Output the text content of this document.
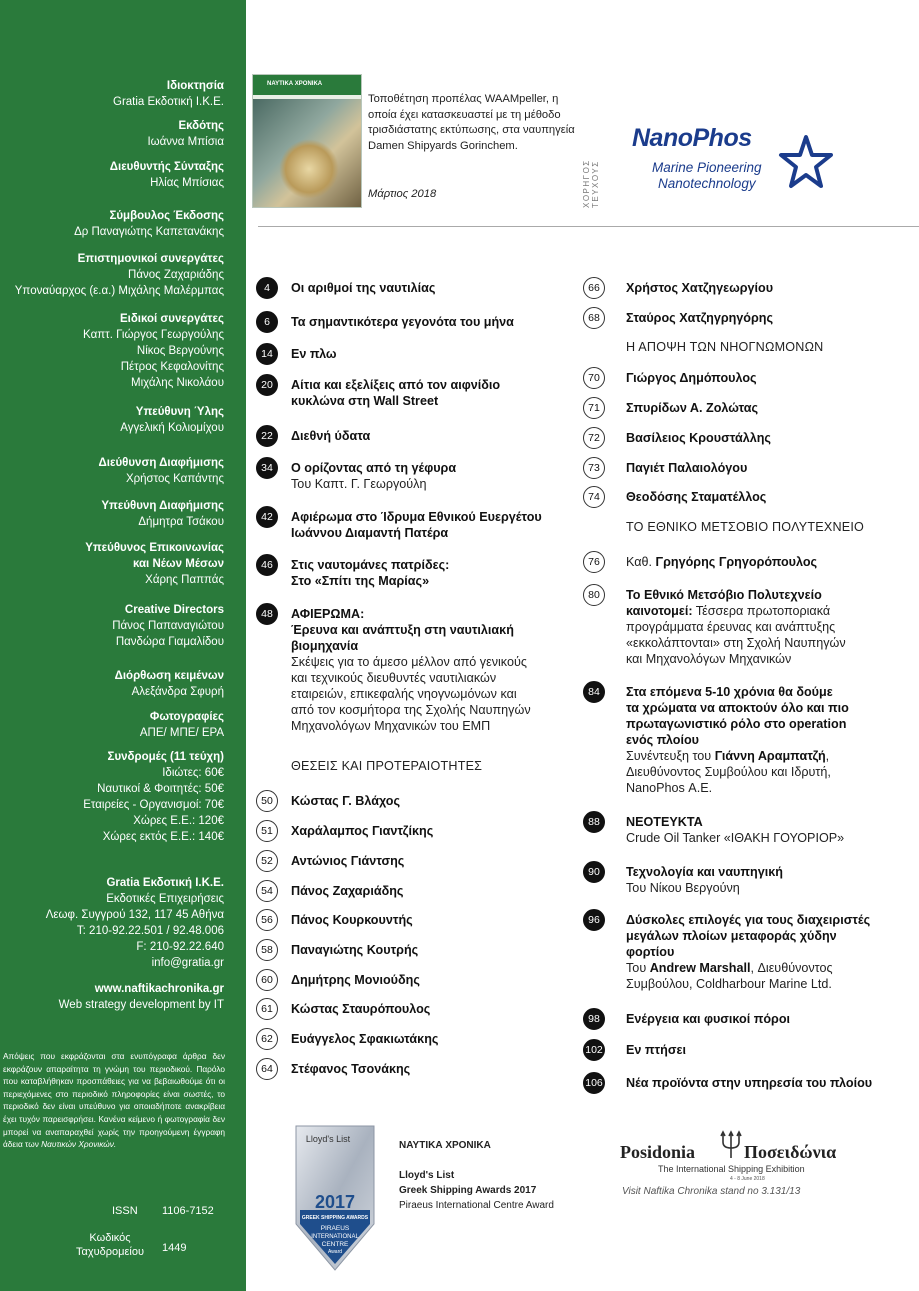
Ιδιοκτησία
Gratia Εκδοτική Ι.Κ.Ε.
Εκδότης
Ιωάννα Μπίσια
Διευθυντής Σύνταξης
Ηλίας Μπίσιας
Σύμβουλος Έκδοσης
Δρ Παναγιώτης Καπετανάκης
Επιστημονικοί συνεργάτες
Πάνος Ζαχαριάδης
Υποναύαρχος (ε.α.) Μιχάλης Μαλέρμπας
Ειδικοί συνεργάτες
Καπτ. Γιώργος Γεωργούλης
Νίκος Βεργούνης
Πέτρος Κεφαλονίτης
Μιχάλης Νικολάου
Υπεύθυνη Ύλης
Αγγελική Κολιομίχου
Διεύθυνση Διαφήμισης
Χρήστος Καπάντης
Υπεύθυνη Διαφήμισης
Δήμητρα Τσάκου
Υπεύθυνος Επικοινωνίας
και Νέων Μέσων
Χάρης Παππάς
Creative Directors
Πάνος Παπαναγιώτου
Πανδώρα Γιαμαλίδου
Διόρθωση κειμένων
Αλεξάνδρα Σφυρή
Φωτογραφίες
ΑΠΕ/ ΜΠΕ/ ΕΡΑ
Συνδρομές (11 τεύχη)
Ιδιώτες: 60€
Ναυτικοί & Φοιτητές: 50€
Εταιρείες - Οργανισμοί: 70€
Χώρες Ε.Ε.: 120€
Χώρες εκτός Ε.Ε.: 140€
Gratia Εκδοτική Ι.Κ.Ε.
Εκδοτικές Επιχειρήσεις
Λεωφ. Συγγρού 132, 117 45 Αθήνα
T: 210-92.22.501 / 92.48.006
F: 210-92.22.640
info@gratia.gr
www.naftikachronika.gr
Web strategy development by IT
Απόψεις που εκφράζονται στα ενυπόγραφα άρθρα δεν εκφράζουν απαραίτητα τη γνώμη του περιοδικού. Παρόλο που καταβλήθηκαν προσπάθειες για να βεβαιωθούμε ότι οι περιεχόμενες στο περιοδικό πληροφορίες είναι σωστές, το περιοδικό δεν είναι υπεύθυνο για οποιαδήποτε ανακρίβεια έχει τυχόν παρεισφρήσει. Κανένα κείμενο ή φωτογραφία δεν μπορεί να αναπαραχθεί χωρίς την προηγούμενη έγγραφη άδεια των Ναυτικών Χρονικών.
ISSN 1106-7152
Κωδικός
Ταχυδρομείου	1449
ΝΑΥΤΙΚΑ ΧΡΟΝΙΚΑ
Τοποθέτηση προπέλας WAAMpeller, η οποία έχει κατασκευαστεί με τη μέθοδο τρισδιάστατης εκτύπωσης, στα ναυπηγεία Damen Shipyards Gorinchem.
Μάρτιος 2018	ΧΟΡΗΓΟΣ ΤΕΥΧΟΥΣ
NanoPhos
Marine Pioneering
Nanotechnology
4	Οι αριθμοί της ναυτιλίας

6	Τα σημαντικότερα γεγονότα του μήνα

14	Εν πλω

20	Αίτια και εξελίξεις από τον αιφνίδιο
κυκλώνα στη Wall Street

22	Διεθνή ύδατα

34	Ο ορίζοντας από τη γέφυρα
Του Καπτ. Γ. Γεωργούλη

42	Αφιέρωμα στο Ίδρυμα Εθνικού Ευεργέτου
Ιωάννου Διαμαντή Πατέρα

46	Στις ναυτομάνες πατρίδες:
Στο «Σπίτι της Μαρίας»

48	ΑΦΙΕΡΩΜΑ:
Έρευνα και ανάπτυξη στη ναυτιλιακή
βιομηχανία
Σκέψεις για το άμεσο μέλλον από γενικούς
και τεχνικούς διευθυντές ναυτιλιακών
εταιρειών, επικεφαλής νηογνωμόνων και
από τον κοσμήτορα της Σχολής Ναυπηγών
Μηχανολόγων Μηχανικών του ΕΜΠ

50	Κώστας Γ. Βλάχος

51	Χαράλαμπος Γιαντζίκης

52	Αντώνιος Γιάντσης

54	Πάνος Ζαχαριάδης

56	Πάνος Κουρκουντής

58	Παναγιώτης Κουτρής

60	Δημήτρης Μονιούδης

61	Κώστας Σταυρόπουλος

62	Ευάγγελος Σφακιωτάκης

64	Στέφανος Τσονάκης

66	Χρήστος Χατζηγεωργίου

68	Σταύρος Χατζηγρηγόρης

70	Γιώργος Δημόπουλος

71	Σπυρίδων Α. Ζολώτας

72	Βασίλειος Κρουστάλλης

73	Παγιέτ Παλαιολόγου

74	Θεοδόσης Σταματέλλος

76	Καθ. Γρηγόρης Γρηγορόπουλος
80	Το Εθνικό Μετσόβιο Πολυτεχνείο
καινοτομεί: Τέσσερα πρωτοποριακά
προγράμματα έρευνας και ανάπτυξης
«εκκολάπτονται» στη Σχολή Ναυπηγών
και Μηχανολόγων Μηχανικών

84	Στα επόμενα 5-10 χρόνια θα δούμε
τα χρώματα να αποκτούν όλο και πιο
πρωταγωνιστικό ρόλο στο operation
ενός πλοίου
Συνέντευξη του Γιάννη Αραμπατζή,
Διευθύνοντος Συμβούλου και Ιδρυτή,
NanoPhos Α.Ε.

88	ΝΕΟΤΕΥΚΤΑ
Crude Oil Tanker «ΙΘΑΚΗ ΓΟΥΟΡΙΟΡ»

90	Τεχνολογία και ναυπηγική
Του Νίκου Βεργούνη

96	Δύσκολες επιλογές για τους διαχειριστές
μεγάλων πλοίων μεταφοράς χύδην
φορτίου
Του Andrew Marshall, Διευθύνοντος
Συμβούλου, Coldharbour Marine Ltd.

98	Ενέργεια και φυσικοί πόροι

102 Εν πτήσει

106 Νέα προϊόντα στην υπηρεσία του πλοίου

ΘΕΣΕΙΣ ΚΑΙ ΠΡΟΤΕΡΑΙΟΤΗΤΕΣ
Η ΑΠΟΨΗ ΤΩΝ ΝΗΟΓΝΩΜΟΝΩΝ
ΤΟ ΕΘΝΙΚΟ ΜΕΤΣΟΒΙΟ ΠΟΛΥΤΕΧΝΕΙΟ
Lloyd's List
2017
GREEK SHIPPING AWARDS
PIRAEUS
INTERNATIONAL
CENTRE
Award
ΝΑΥΤΙΚΑ ΧΡΟΝΙΚΑ

Lloyd's List
Greek Shipping Awards 2017
Piraeus International Centre Award
Posidonia	Ποσειδώνια
The International Shipping Exhibition
4 - 8 June 2018
Visit Naftika Chronika stand no 3.131/13
